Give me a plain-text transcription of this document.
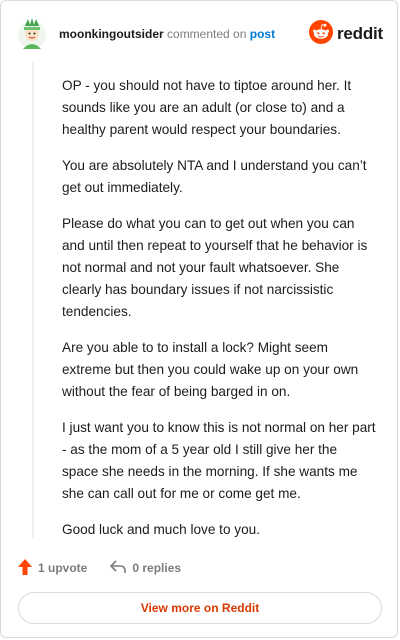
moonkingoutsider commented on post	reddit

OP - you should not have to tiptoe around her. It sounds like you are an adult (or close to) and a healthy parent would respect your boundaries.

You are absolutely NTA and I understand you can’t get out immediately.

Please do what you can to get out when you can and until then repeat to yourself that he behavior is not normal and not your fault whatsoever. She clearly has boundary issues if not narcissistic tendencies.

Are you able to to install a lock? Might seem extreme but then you could wake up on your own without the fear of being barged in on.

I just want you to know this is not normal on her part - as the mom of a 5 year old I still give her the space she needs in the morning. If she wants me she can call out for me or come get me.

Good luck and much love to you.

1 upvote	0 replies
View more on Reddit
